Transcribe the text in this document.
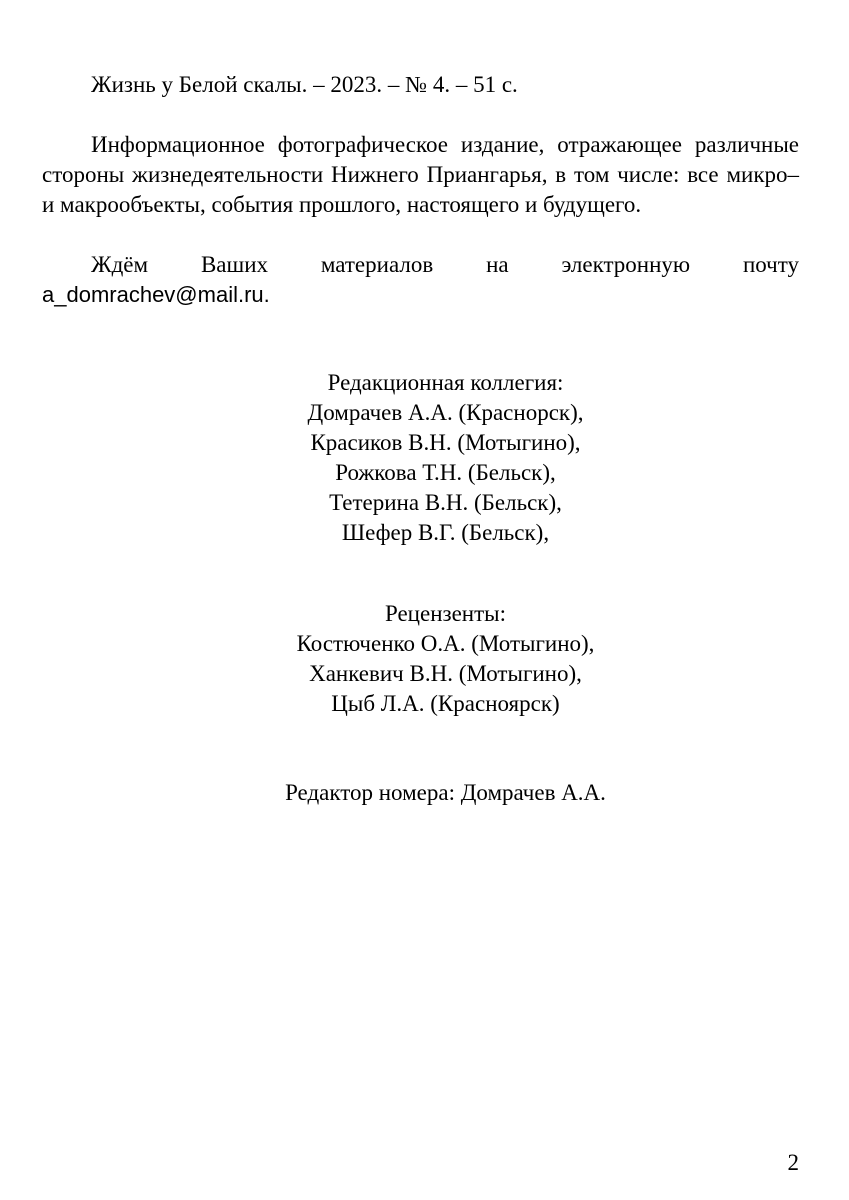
Жизнь у Белой скалы. – 2023. – № 4. – 51 с.
Информационное фотографическое издание, отражающее различные стороны жизнедеятельности Нижнего Приангарья, в том числе: все микро– и макрообъекты, события прошлого, настоящего и будущего.
Ждём Ваших материалов на электронную почту
a_domrachev@mail.ru.
Редакционная коллегия:
Домрачев А.А. (Краснорск),
Красиков В.Н. (Мотыгино),
Рожкова Т.Н. (Бельск),
Тетерина В.Н. (Бельск),
Шефер В.Г. (Бельск),
Рецензенты:
Костюченко О.А. (Мотыгино),
Ханкевич В.Н. (Мотыгино),
Цыб Л.А. (Красноярск)
Редактор номера: Домрачев А.А.
2
